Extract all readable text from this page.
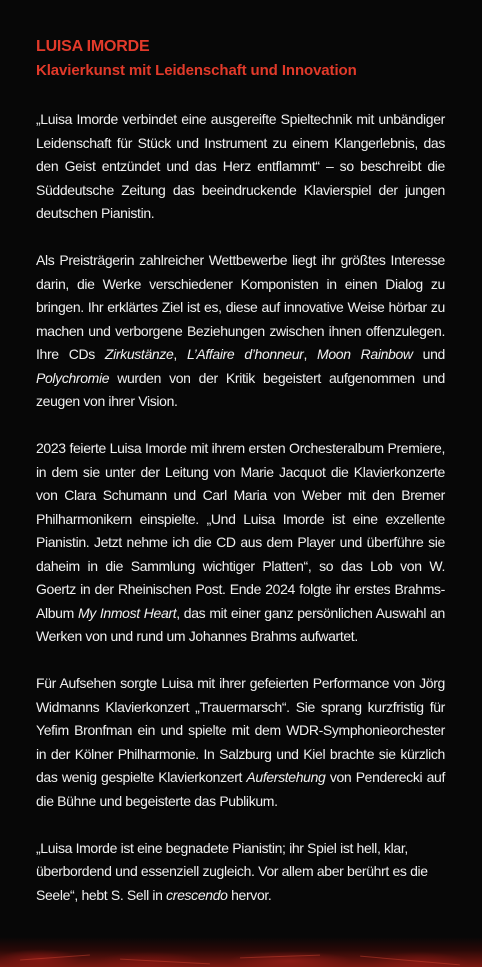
LUISA IMORDE
Klavierkunst mit Leidenschaft und Innovation

„Luisa Imorde verbindet eine ausgereifte Spieltechnik mit unbändiger Leidenschaft für Stück und Instrument zu einem Klangerlebnis, das den Geist entzündet und das Herz entflammt“ – so beschreibt die Süddeutsche Zeitung das beeindruckende Klavierspiel der jungen deutschen Pianistin.

Als Preisträgerin zahlreicher Wettbewerbe liegt ihr größtes Interesse darin, die Werke verschiedener Komponisten in einen Dialog zu bringen. Ihr erklärtes Ziel ist es, diese auf innovative Weise hörbar zu machen und verborgene Beziehungen zwischen ihnen offenzulegen. Ihre CDs Zirkustänze, L’Affaire d’honneur, Moon Rainbow und Polychromie wurden von der Kritik begeistert aufgenommen und zeugen von ihrer Vision.

2023 feierte Luisa Imorde mit ihrem ersten Orchesteralbum Premiere, in dem sie unter der Leitung von Marie Jacquot die Klavierkonzerte von Clara Schumann und Carl Maria von Weber mit den Bremer Philharmonikern einspielte. „Und Luisa Imorde ist eine exzellente Pianistin. Jetzt nehme ich die CD aus dem Player und überführe sie daheim in die Sammlung wichtiger Platten“, so das Lob von W. Goertz in der Rheinischen Post. Ende 2024 folgte ihr erstes Brahms-Album My Inmost Heart, das mit einer ganz persönlichen Auswahl an Werken von und rund um Johannes Brahms aufwartet.

Für Aufsehen sorgte Luisa mit ihrer gefeierten Performance von Jörg Widmanns Klavierkonzert „Trauermarsch“. Sie sprang kurzfristig für Yefim Bronfman ein und spielte mit dem WDR-Symphonieorchester in der Kölner Philharmonie. In Salzburg und Kiel brachte sie kürzlich das wenig gespielte Klavierkonzert Auferstehung von Penderecki auf die Bühne und begeisterte das Publikum.

„Luisa Imorde ist eine begnadete Pianistin; ihr Spiel ist hell, klar, überbordend und essenziell zugleich. Vor allem aber berührt es die Seele“, hebt S. Sell in crescendo hervor.
